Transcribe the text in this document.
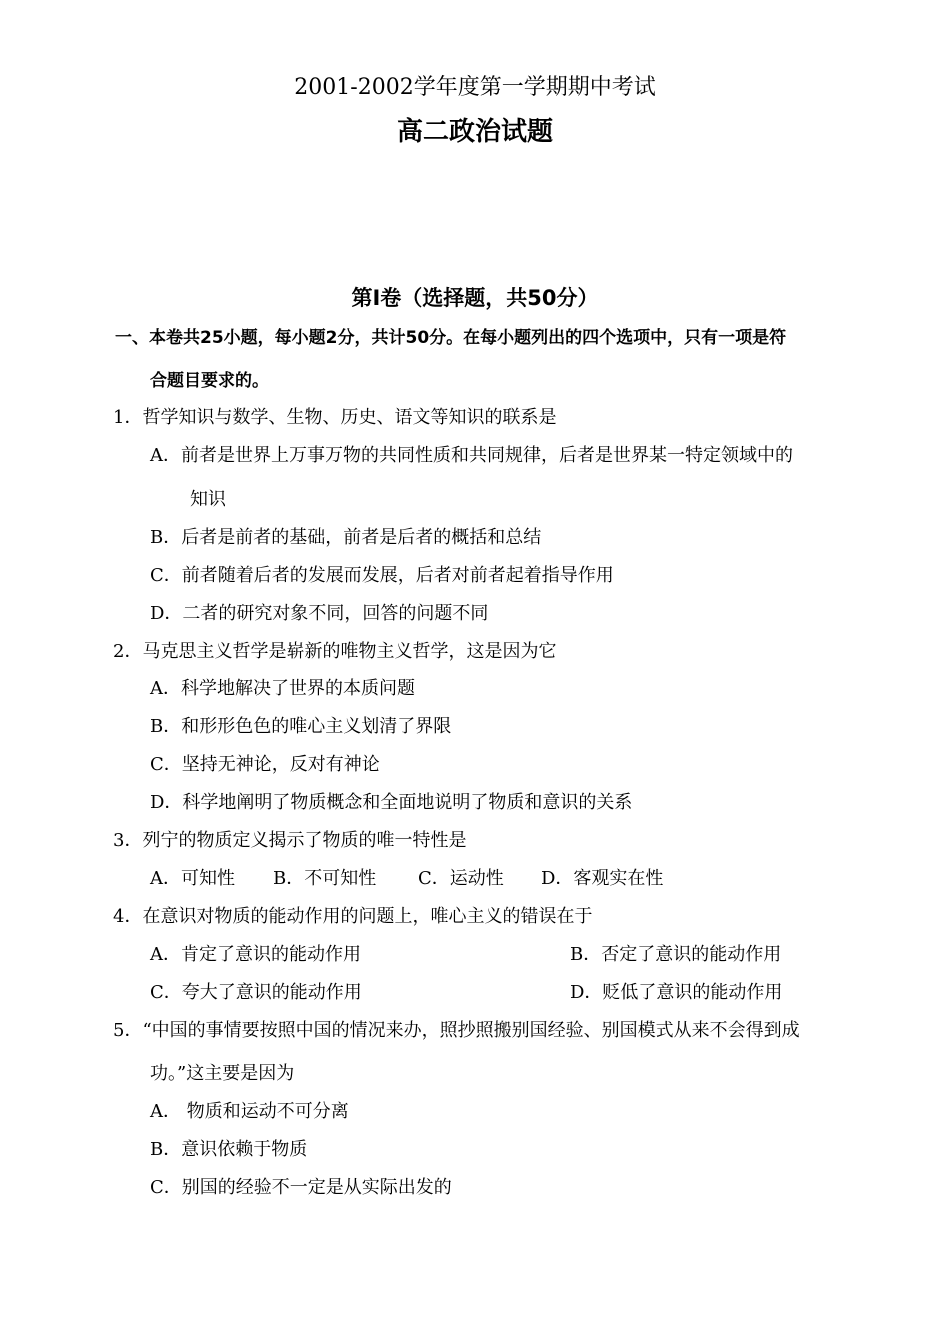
2001-2002学年度第一学期期中考试
高二政治试题
第Ⅰ卷（选择题，共50分）
一、本卷共25小题，每小题2分，共计50分。在每小题列出的四个选项中，只有一项是符
合题目要求的。
1．哲学知识与数学、生物、历史、语文等知识的联系是
A．前者是世界上万事万物的共同性质和共同规律，后者是世界某一特定领域中的
知识
B．后者是前者的基础，前者是后者的概括和总结
C．前者随着后者的发展而发展，后者对前者起着指导作用
D．二者的研究对象不同，回答的问题不同
2．马克思主义哲学是崭新的唯物主义哲学，这是因为它
A．科学地解决了世界的本质问题
B．和形形色色的唯心主义划清了界限
C．坚持无神论，反对有神论
D．科学地阐明了物质概念和全面地说明了物质和意识的关系
3．列宁的物质定义揭示了物质的唯一特性是
A．可知性 B．不可知性 C．运动性 D．客观实在性
4．在意识对物质的能动作用的问题上，唯心主义的错误在于
A．肯定了意识的能动作用	B．否定了意识的能动作用
C．夸大了意识的能动作用	D．贬低了意识的能动作用
5．“中国的事情要按照中国的情况来办，照抄照搬别国经验、别国模式从来不会得到成
功。”这主要是因为
A． 物质和运动不可分离
B．意识依赖于物质
C．别国的经验不一定是从实际出发的
